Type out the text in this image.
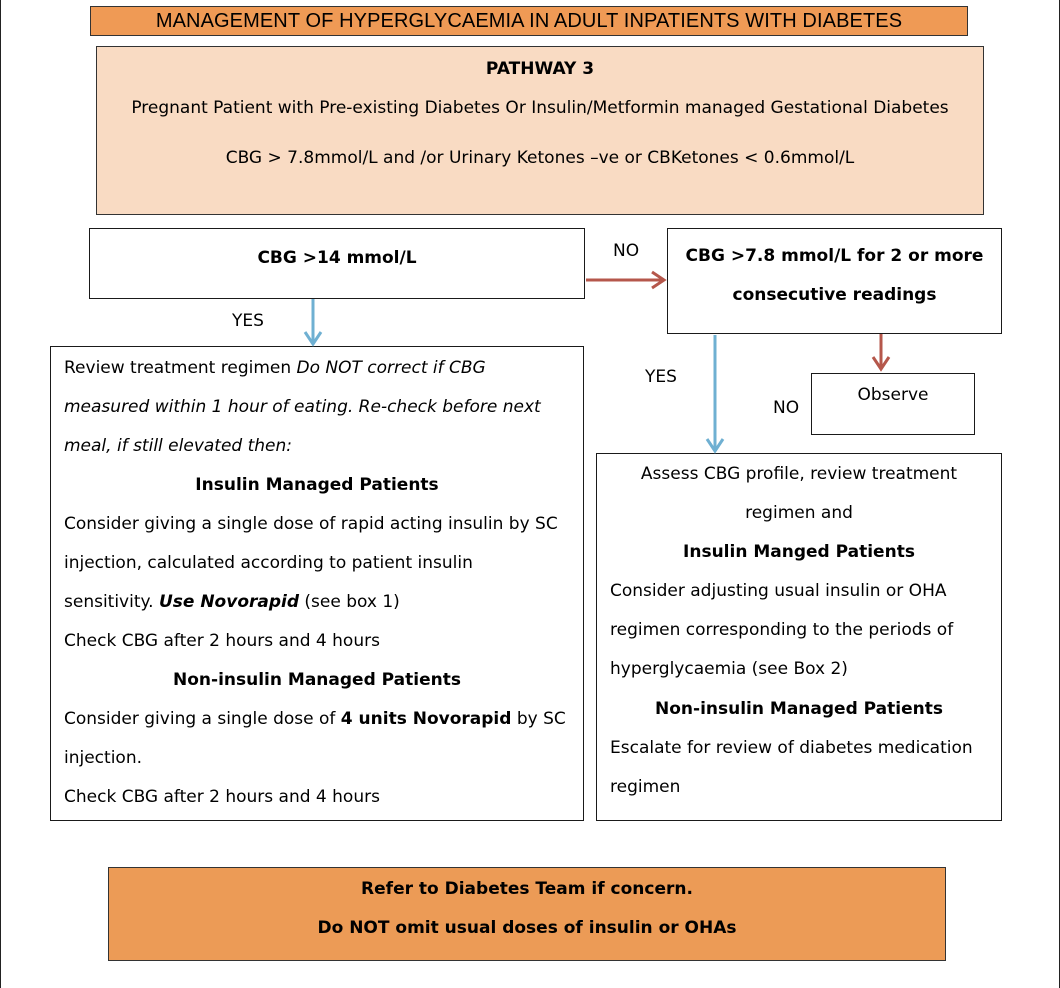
MANAGEMENT OF HYPERGLYCAEMIA IN ADULT INPATIENTS WITH DIABETES
PATHWAY 3
Pregnant Patient with Pre-existing Diabetes Or Insulin/Metformin managed Gestational Diabetes
CBG > 7.8mmol/L and /or Urinary Ketones –ve or CBKetones < 0.6mmol/L
CBG >14 mmol/L	CBG >7.8 mmol/L for 2 or more
consecutive readings
Observe
NO
YES
YES
NO
Review treatment regimen Do NOT correct if CBG
measured within 1 hour of eating. Re-check before next
meal, if still elevated then:
Insulin Managed Patients
Consider giving a single dose of rapid acting insulin by SC
injection, calculated according to patient insulin
sensitivity. Use Novorapid (see box 1)
Check CBG after 2 hours and 4 hours
Non-insulin Managed Patients
Consider giving a single dose of 4 units Novorapid by SC
injection.
Check CBG after 2 hours and 4 hours
Assess CBG profile, review treatment
regimen and
Insulin Manged Patients
Consider adjusting usual insulin or OHA
regimen corresponding to the periods of
hyperglycaemia (see Box 2)
Non-insulin Managed Patients
Escalate for review of diabetes medication
regimen
Refer to Diabetes Team if concern.
Do NOT omit usual doses of insulin or OHAs
